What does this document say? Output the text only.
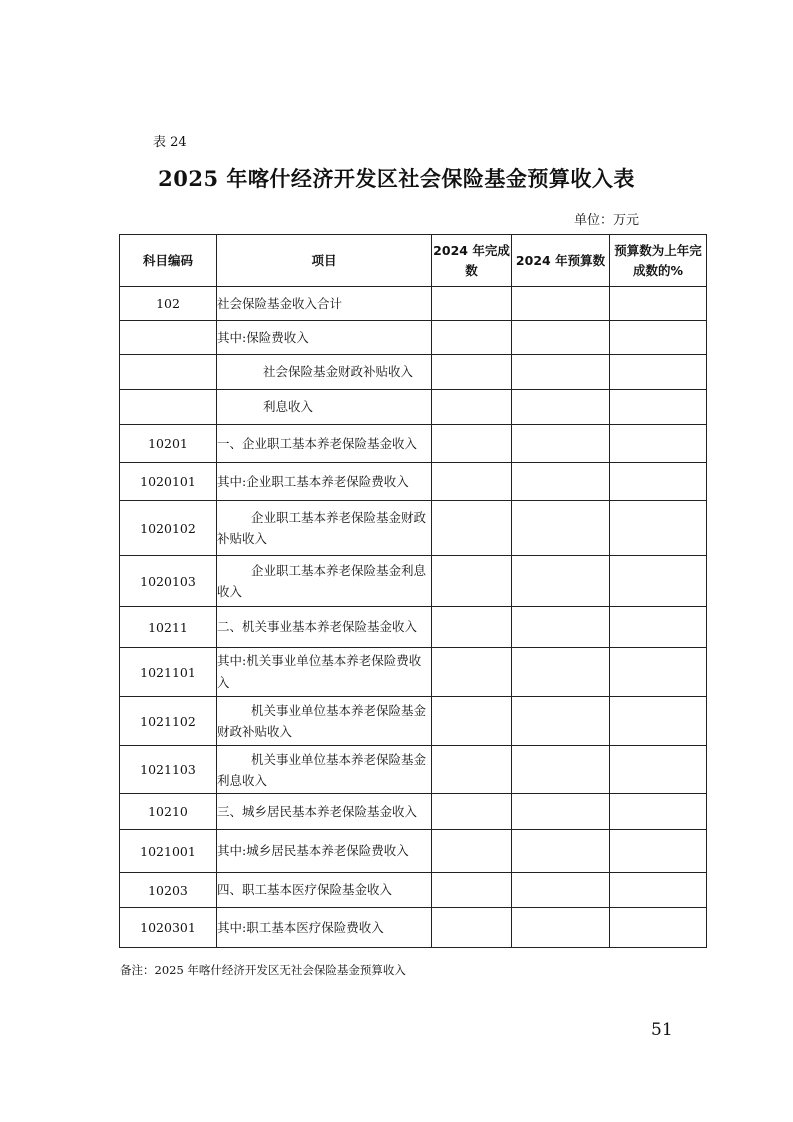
表 24
2025 年喀什经济开发区社会保险基金预算收入表
单位：万元
科目编码	项目	2024 年完成数	2024 年预算数	预算数为上年完成数的%
102	社会保险基金收入合计			
	其中:保险费收入			
	社会保险基金财政补贴收入			
	利息收入			
10201	一、企业职工基本养老保险基金收入			
1020101	其中:企业职工基本养老保险费收入			
1020102	企业职工基本养老保险基金财政补贴收入			
1020103	企业职工基本养老保险基金利息收入			
10211	二、机关事业基本养老保险基金收入			
1021101	其中:机关事业单位基本养老保险费收入			
1021102	机关事业单位基本养老保险基金财政补贴收入			
1021103	机关事业单位基本养老保险基金利息收入			
10210	三、城乡居民基本养老保险基金收入			
1021001	其中:城乡居民基本养老保险费收入			
10203	四、职工基本医疗保险基金收入			
1020301	其中:职工基本医疗保险费收入			
备注：2025 年喀什经济开发区无社会保险基金预算收入
51
